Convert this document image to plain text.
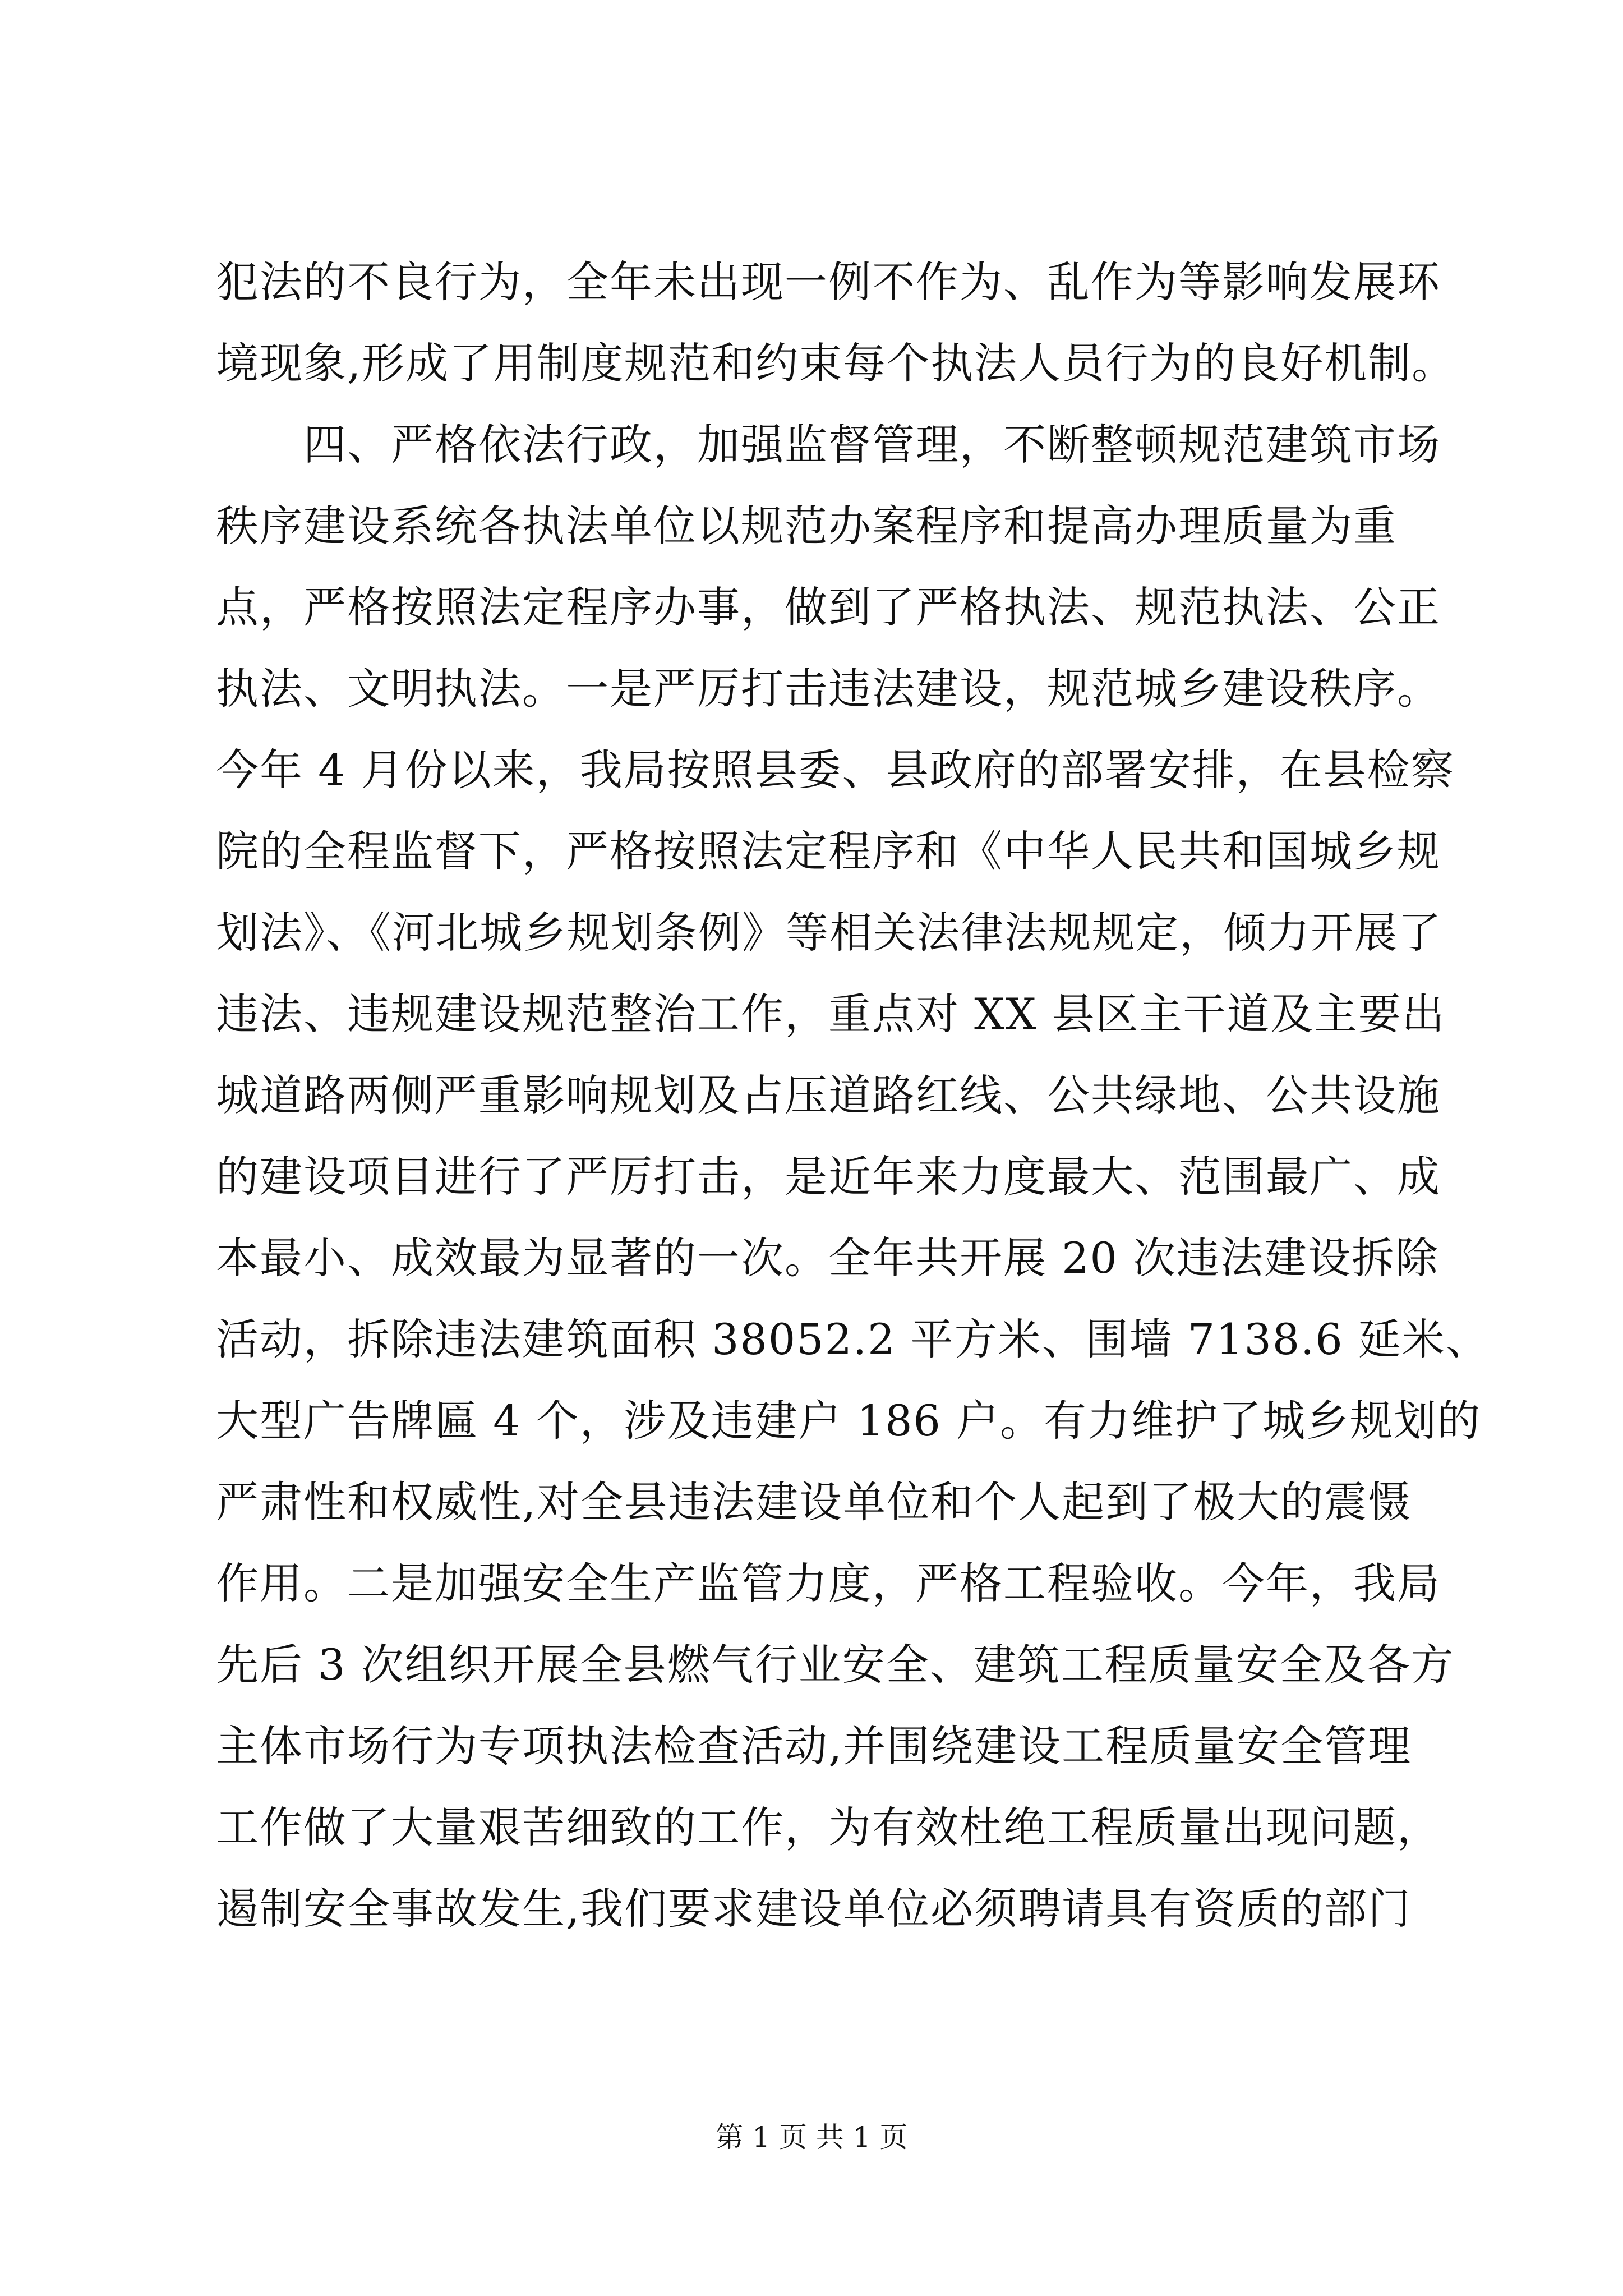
犯法的不良行为，全年未出现一例不作为、乱作为等影响发展环
境现象,形成了用制度规范和约束每个执法人员行为的良好机制。
　　四、严格依法行政，加强监督管理，不断整顿规范建筑市场
秩序建设系统各执法单位以规范办案程序和提高办理质量为重
点，严格按照法定程序办事，做到了严格执法、规范执法、公正
执法、文明执法。一是严厉打击违法建设，规范城乡建设秩序。
今年 4 月份以来，我局按照县委、县政府的部署安排，在县检察
院的全程监督下，严格按照法定程序和《中华人民共和国城乡规
划法》、《河北城乡规划条例》等相关法律法规规定，倾力开展了
违法、违规建设规范整治工作，重点对 XX 县区主干道及主要出
城道路两侧严重影响规划及占压道路红线、公共绿地、公共设施
的建设项目进行了严厉打击，是近年来力度最大、范围最广、成
本最小、成效最为显著的一次。全年共开展 20 次违法建设拆除
活动，拆除违法建筑面积 38052.2 平方米、围墙 7138.6 延米、
大型广告牌匾 4 个，涉及违建户 186 户。有力维护了城乡规划的
严肃性和权威性,对全县违法建设单位和个人起到了极大的震慑
作用。二是加强安全生产监管力度，严格工程验收。今年，我局
先后 3 次组织开展全县燃气行业安全、建筑工程质量安全及各方
主体市场行为专项执法检查活动,并围绕建设工程质量安全管理
工作做了大量艰苦细致的工作，为有效杜绝工程质量出现问题，
遏制安全事故发生,我们要求建设单位必须聘请具有资质的部门
第 1 页 共 1 页
